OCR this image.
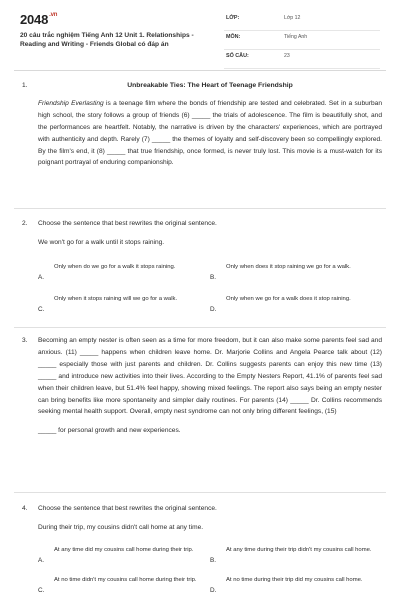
$2048^{.vn}$
20 câu trắc nghiệm Tiếng Anh 12 Unit 1. Relationships - Reading and Writing - Friends Global có đáp án
LỚP:	Lớp 12
MÔN:	Tiếng Anh
SỐ CÂU:	23
1.	Unbreakable Ties: The Heart of Teenage Friendship
Friendship Everlasting is a teenage film where the bonds of friendship are tested and celebrated. Set in a suburban high school, the story follows a group of friends (6) _____ the trials of adolescence. The film is beautifully shot, and the performances are heartfelt. Notably, the narrative is driven by the characters' experiences, which are portrayed with authenticity and depth. Rarely (7) _____ the themes of loyalty and self-discovery been so compellingly explored. By the film's end, it (8) _____ that true friendship, once formed, is never truly lost. This movie is a must-watch for its poignant portrayal of enduring companionship.
2. Choose the sentence that best rewrites the original sentence.
We won't go for a walk until it stops raining.
A.
Only when do we go for a walk it stops raining.
B.
Only when does it stop raining we go for a walk.
C.
Only when it stops raining will we go for a walk.
D.
Only when we go for a walk does it stop raining.
3. Becoming an empty nester is often seen as a time for more freedom, but it can also make some parents feel sad and anxious. (11) _____ happens when children leave home. Dr. Marjorie Collins and Angela Pearce talk about (12) _____ especially those with just parents and children. Dr. Collins suggests parents can enjoy this new time (13) _____ and introduce new activities into their lives. According to the Empty Nesters Report, 41.1% of parents feel sad when their children leave, but 51.4% feel happy, showing mixed feelings. The report also says being an empty nester can bring benefits like more spontaneity and simpler daily routines. For parents (14) _____ Dr. Collins recommends seeking mental health support. Overall, empty nest syndrome can not only bring different feelings, (15)
_____ for personal growth and new experiences.
4. Choose the sentence that best rewrites the original sentence.
During their trip, my cousins didn't call home at any time.
A.
At any time did my cousins call home during their trip.
B.
At any time during their trip didn't my cousins call home.
C.
At no time didn't my cousins call home during their trip.
D.
At no time during their trip did my cousins call home.
